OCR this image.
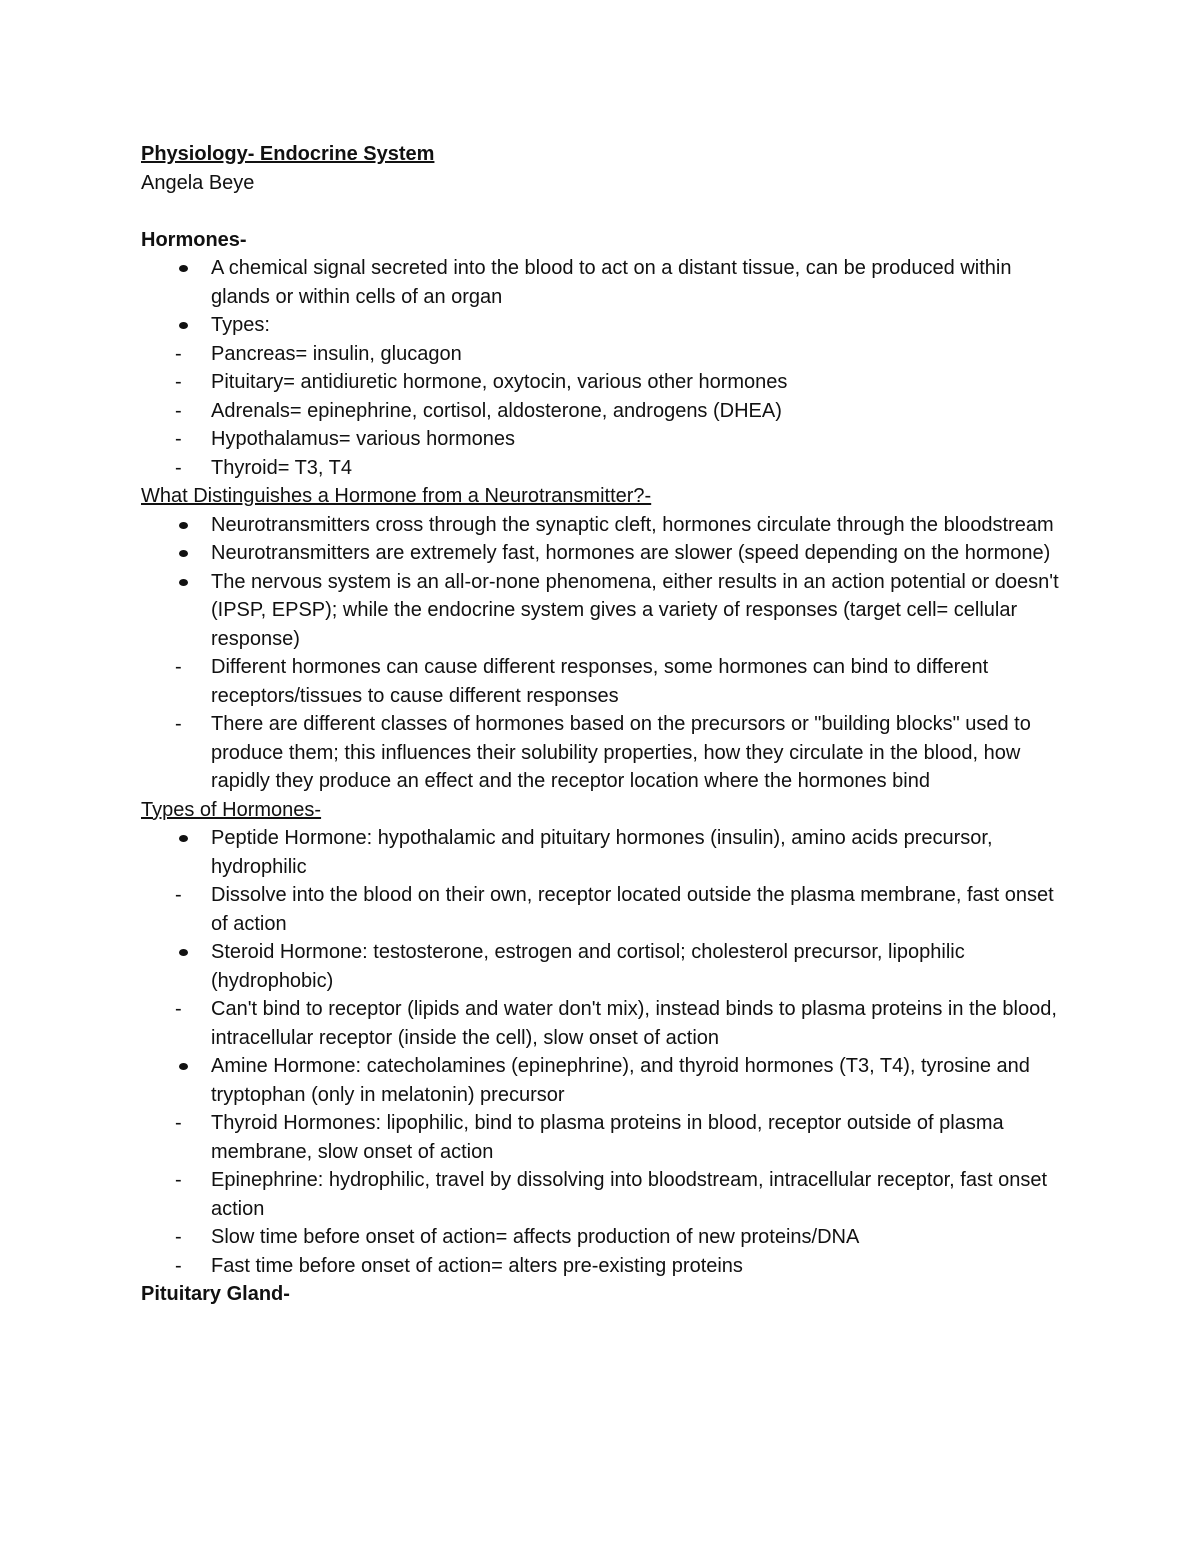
Physiology- Endocrine System

Angela Beye

Hormones-

A chemical signal secreted into the blood to act on a distant tissue, can be produced within glands or within cells of an organ
Types:
-	Pancreas= insulin, glucagon
-	Pituitary= antidiuretic hormone, oxytocin, various other hormones
-	Adrenals= epinephrine, cortisol, aldosterone, androgens (DHEA)
-	Hypothalamus= various hormones
-	Thyroid= T3, T4

What Distinguishes a Hormone from a Neurotransmitter?-

Neurotransmitters cross through the synaptic cleft, hormones circulate through the bloodstream
Neurotransmitters are extremely fast, hormones are slower (speed depending on the hormone)
The nervous system is an all-or-none phenomena, either results in an action potential or doesn't (IPSP, EPSP); while the endocrine system gives a variety of responses (target cell= cellular response)
-	Different hormones can cause different responses, some hormones can bind to different receptors/tissues to cause different responses
-	There are different classes of hormones based on the precursors or "building blocks" used to produce them; this influences their solubility properties, how they circulate in the blood, how rapidly they produce an effect and the receptor location where the hormones bind

Types of Hormones-

Peptide Hormone: hypothalamic and pituitary hormones (insulin), amino acids precursor, hydrophilic
-	Dissolve into the blood on their own, receptor located outside the plasma membrane, fast onset of action
Steroid Hormone: testosterone, estrogen and cortisol; cholesterol precursor, lipophilic (hydrophobic)
-	Can't bind to receptor (lipids and water don't mix), instead binds to plasma proteins in the blood, intracellular receptor (inside the cell), slow onset of action
Amine Hormone: catecholamines (epinephrine), and thyroid hormones (T3, T4), tyrosine and tryptophan (only in melatonin) precursor
-	Thyroid Hormones: lipophilic, bind to plasma proteins in blood, receptor outside of plasma membrane, slow onset of action
-	Epinephrine: hydrophilic, travel by dissolving into bloodstream, intracellular receptor, fast onset action
-	Slow time before onset of action= affects production of new proteins/DNA
-	Fast time before onset of action= alters pre-existing proteins

Pituitary Gland-
